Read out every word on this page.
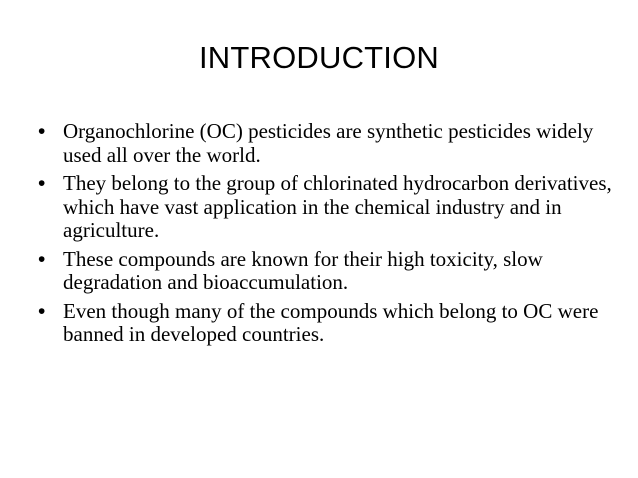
INTRODUCTION
• Organochlorine (OC) pesticides are synthetic pesticides widely used all over the world.
• They belong to the group of chlorinated hydrocarbon derivatives, which have vast application in the chemical industry and in agriculture.
• These compounds are known for their high toxicity, slow degradation and bioaccumulation.
• Even though many of the compounds which belong to OC were banned in developed countries.
